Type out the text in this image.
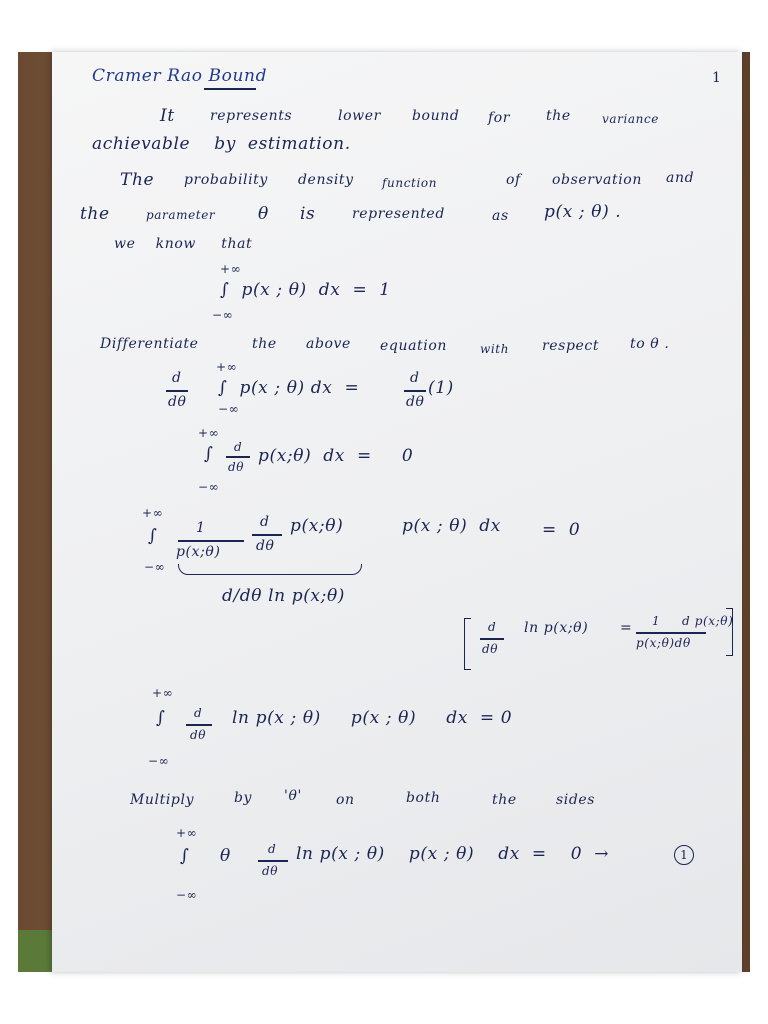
Cramer Rao Bound	1
It	represents	lower bound for	the	variance
achievable    by  estimation.
The probability density function	of observation and
the	parameter	θ is	represented	as p(x ; θ) .
we    know     that
+∞
∫  p(x ; θ)  dx  =  1
−∞
Differentiate	the above equation	with respect to θ .
+∞
d
dθ
∫  p(x ; θ) dx  =
−∞
d
dθ
(1)
+∞
∫ d
dθ
p(x;θ)  dx  =     0
−∞
+∞
∫
−∞
1
p(x;θ)
d
dθ
p(x;θ)	p(x ; θ)  dx =  0
d/dθ ln p(x;θ)
d
dθ
ln p(x;θ) = 1
p(x;θ)dθ
d p(x;θ)
+∞
∫
−∞
d
dθ
ln p(x ; θ)     p(x ; θ)     dx  = 0
Multiply	by 'θ' on	both	the	sides
+∞
∫
−∞
θ	d
dθ
ln p(x ; θ)    p(x ; θ)    dx  =    0  →	1
